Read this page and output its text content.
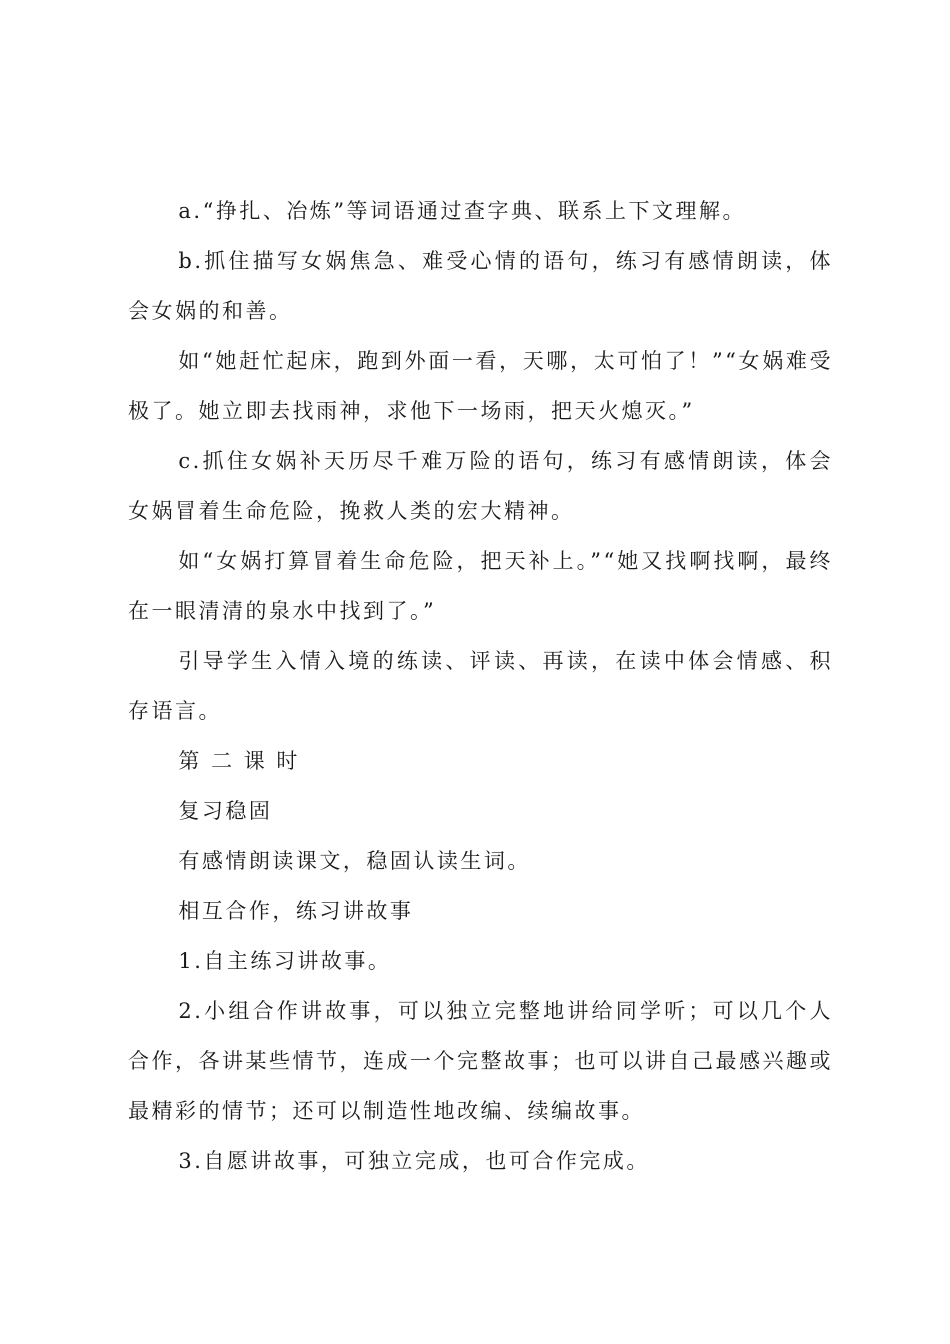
a.“挣扎、冶炼”等词语通过查字典、联系上下文理解。

b.抓住描写女娲焦急、难受心情的语句，练习有感情朗读，体会女娲的和善。

如“她赶忙起床，跑到外面一看，天哪，太可怕了！”“女娲难受极了。她立即去找雨神，求他下一场雨，把天火熄灭。”

c.抓住女娲补天历尽千难万险的语句，练习有感情朗读，体会女娲冒着生命危险，挽救人类的宏大精神。

如“女娲打算冒着生命危险，把天补上。”“她又找啊找啊，最终在一眼清清的泉水中找到了。”

引导学生入情入境的练读、评读、再读，在读中体会情感、积存语言。

第 二 课 时

复习稳固

有感情朗读课文，稳固认读生词。

相互合作，练习讲故事

1.自主练习讲故事。

2.小组合作讲故事，可以独立完整地讲给同学听；可以几个人合作，各讲某些情节，连成一个完整故事；也可以讲自己最感兴趣或最精彩的情节；还可以制造性地改编、续编故事。

3.自愿讲故事，可独立完成，也可合作完成。
